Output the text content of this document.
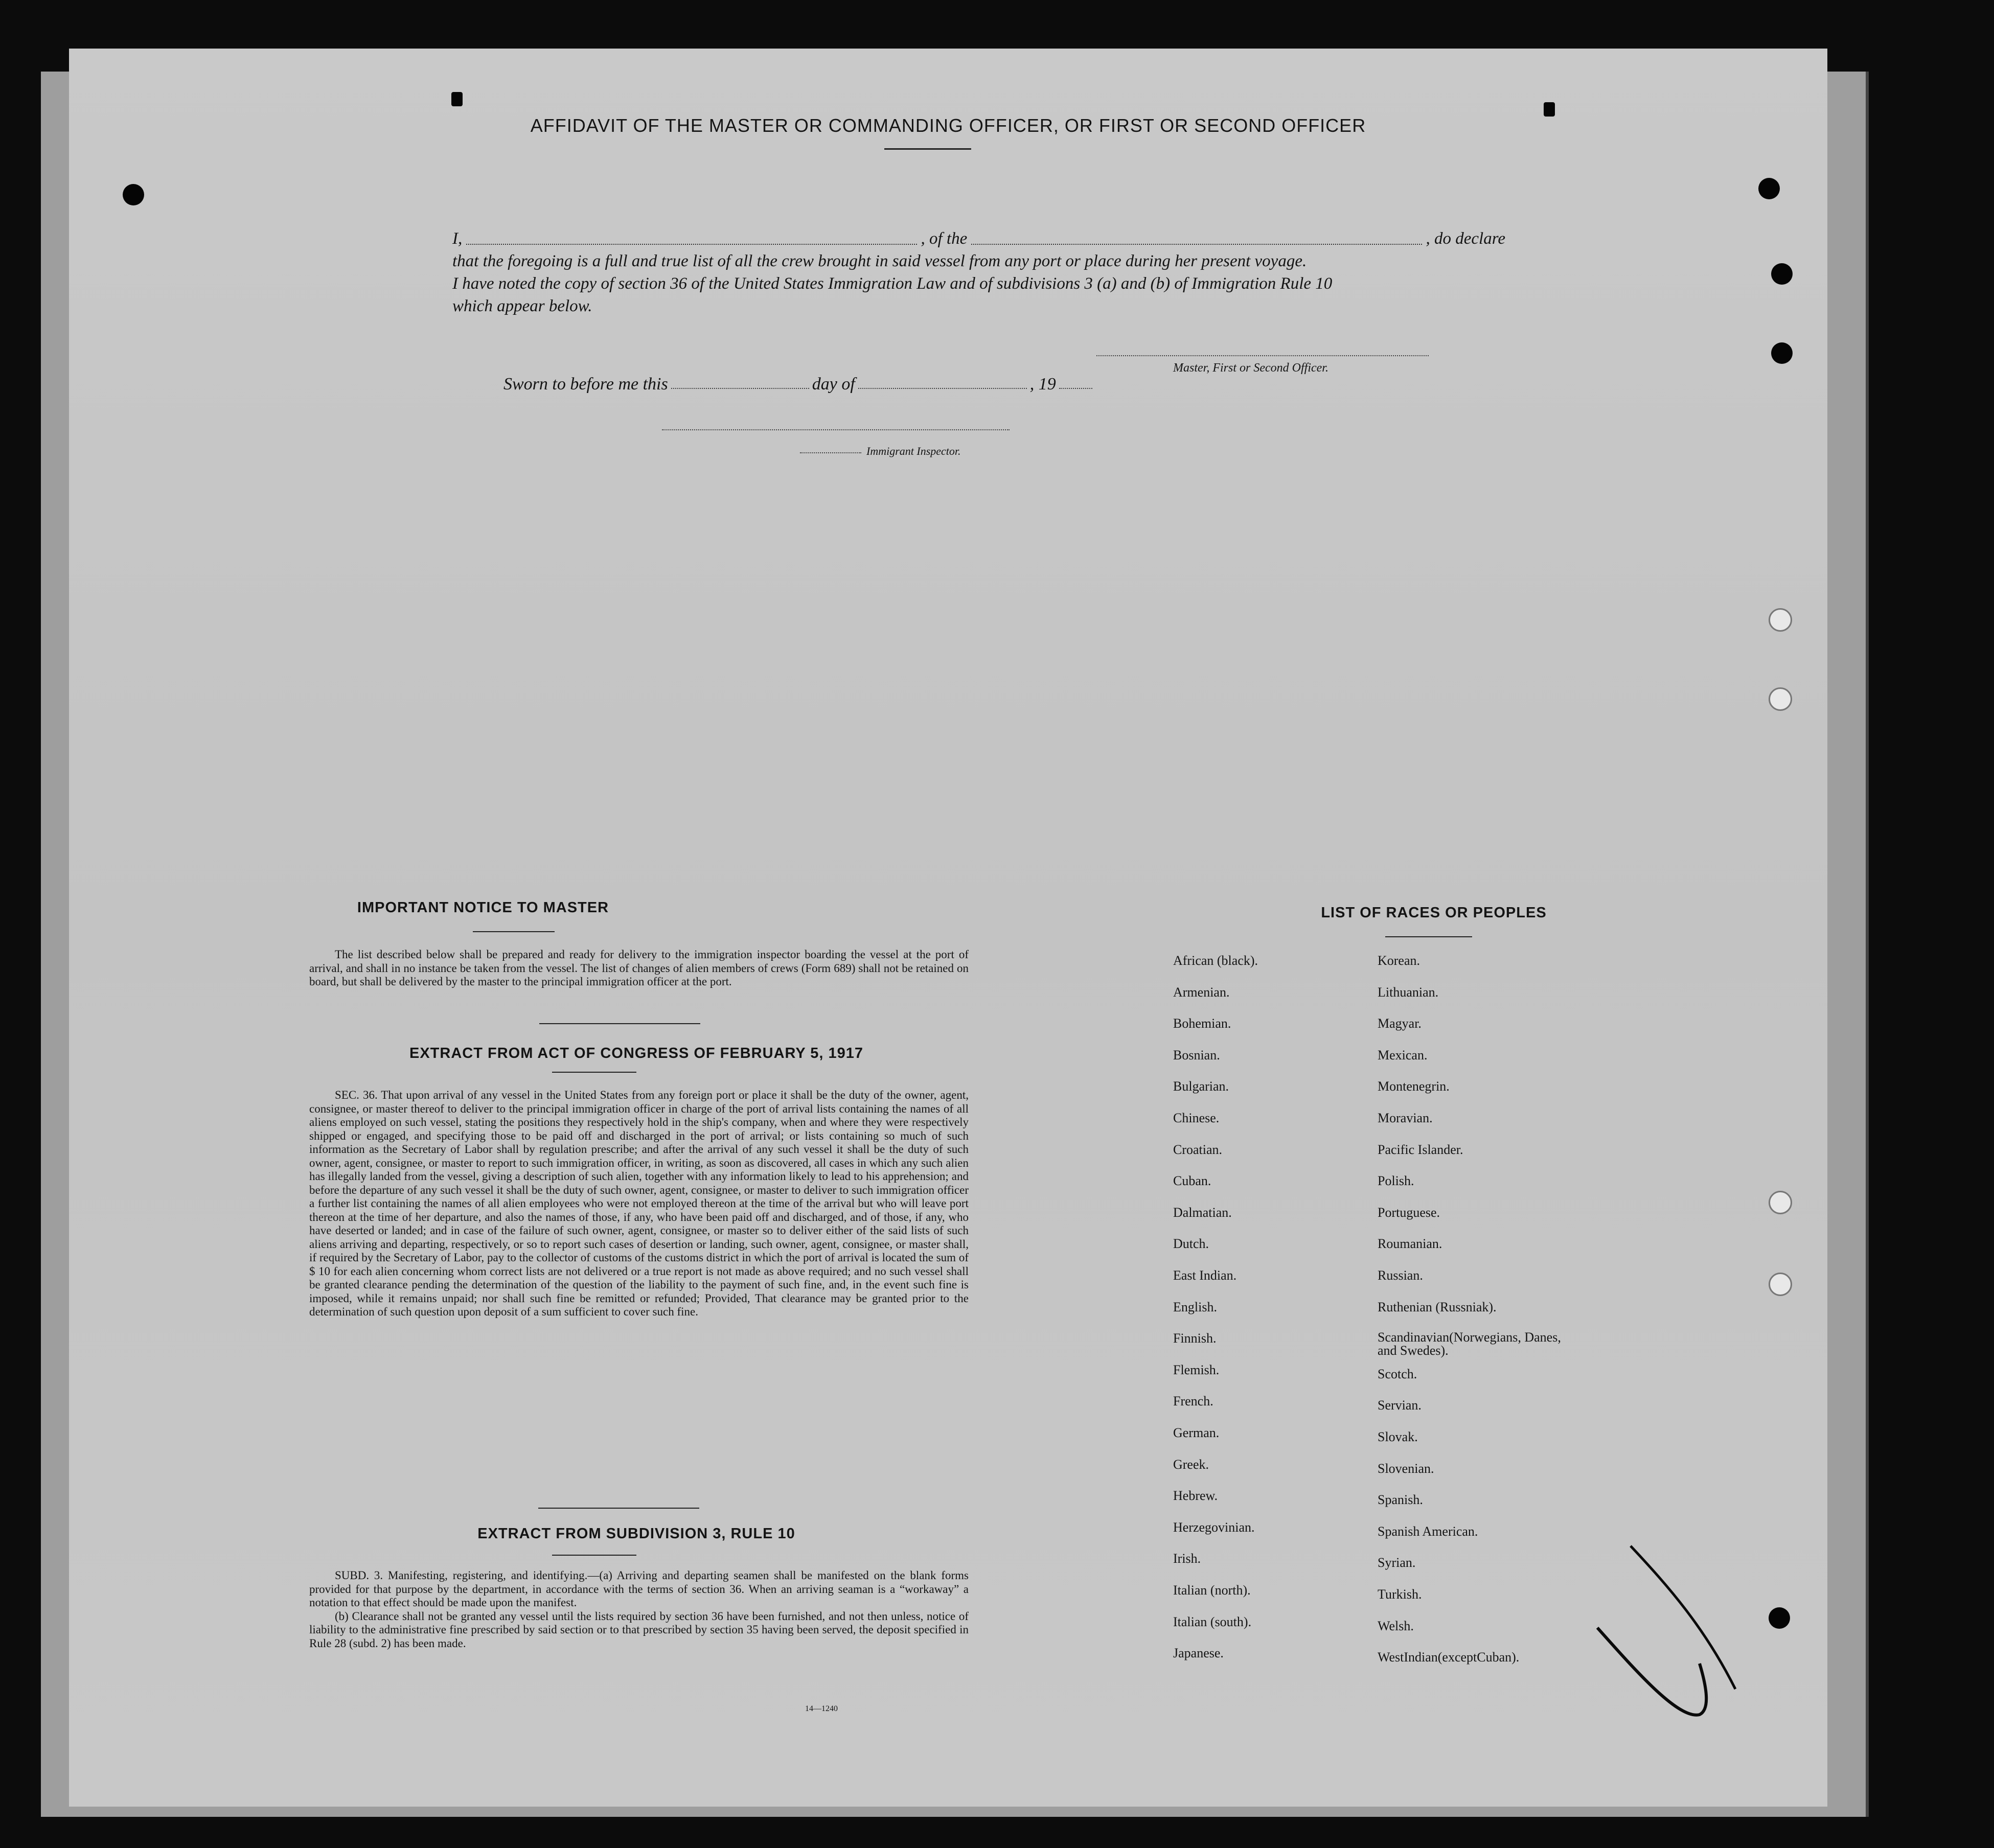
AFFIDAVIT OF THE MASTER OR COMMANDING OFFICER, OR FIRST OR SECOND OFFICER
I,	, of the	, do declare
that the foregoing is a full and true list of all the crew brought in said vessel from any port or place during her present voyage.
I have noted the copy of section 36 of the United States Immigration Law and of subdivisions 3 (a) and (b) of Immigration Rule 10
which appear below.
Master, First or Second Officer.
Sworn to before me this	day of	, 19
Immigrant Inspector.
IMPORTANT NOTICE TO MASTER

The list described below shall be prepared and ready for delivery to the immigration inspector boarding the vessel at the port of arrival, and shall in no instance be taken from the vessel. The list of changes of alien members of crews (Form 689) shall not be retained on board, but shall be delivered by the master to the principal immigration officer at the port.

EXTRACT FROM ACT OF CONGRESS OF FEBRUARY 5, 1917

SEC. 36. That upon arrival of any vessel in the United States from any foreign port or place it shall be the duty of the owner, agent, consignee, or master thereof to deliver to the principal immigration officer in charge of the port of arrival lists containing the names of all aliens employed on such vessel, stating the positions they respectively hold in the ship's company, when and where they were respectively shipped or engaged, and specifying those to be paid off and discharged in the port of arrival; or lists containing so much of such information as the Secretary of Labor shall by regulation prescribe; and after the arrival of any such vessel it shall be the duty of such owner, agent, consignee, or master to report to such immigration officer, in writing, as soon as discovered, all cases in which any such alien has illegally landed from the vessel, giving a description of such alien, together with any information likely to lead to his apprehension; and before the departure of any such vessel it shall be the duty of such owner, agent, consignee, or master to deliver to such immigration officer a further list containing the names of all alien employees who were not employed thereon at the time of the arrival but who will leave port thereon at the time of her departure, and also the names of those, if any, who have been paid off and discharged, and of those, if any, who have deserted or landed; and in case of the failure of such owner, agent, consignee, or master so to deliver either of the said lists of such aliens arriving and departing, respectively, or so to report such cases of desertion or landing, such owner, agent, consignee, or master shall, if required by the Secretary of Labor, pay to the collector of customs of the customs district in which the port of arrival is located the sum of $ 10 for each alien concerning whom correct lists are not delivered or a true report is not made as above required; and no such vessel shall be granted clearance pending the determination of the question of the liability to the payment of such fine, and, in the event such fine is imposed, while it remains unpaid; nor shall such fine be remitted or refunded; Provided, That clearance may be granted prior to the determination of such question upon deposit of a sum sufficient to cover such fine.

EXTRACT FROM SUBDIVISION 3, RULE 10

SUBD. 3. Manifesting, registering, and identifying.—(a) Arriving and departing seamen shall be manifested on the blank forms provided for that purpose by the department, in accordance with the terms of section 36. When an arriving seaman is a “workaway” a notation to that effect should be made upon the manifest.

(b) Clearance shall not be granted any vessel until the lists required by section 36 have been furnished, and not then unless, notice of liability to the administrative fine prescribed by said section or to that prescribed by section 35 having been served, the deposit specified in Rule 28 (subd. 2) has been made.

14—1240
LIST OF RACES OR PEOPLES
African (black).
Armenian.
Bohemian.
Bosnian.
Bulgarian.
Chinese.
Croatian.
Cuban.
Dalmatian.
Dutch.
East Indian.
English.
Finnish.
Flemish.
French.
German.
Greek.
Hebrew.
Herzegovinian.
Irish.
Italian (north).
Italian (south).
Japanese.
Korean.
Lithuanian.
Magyar.
Mexican.
Montenegrin.
Moravian.
Pacific Islander.
Polish.
Portuguese.
Roumanian.
Russian.
Ruthenian (Russniak).
Scandinavian(Norwegians, Danes, and Swedes).
Scotch.
Servian.
Slovak.
Slovenian.
Spanish.
Spanish American.
Syrian.
Turkish.
Welsh.
WestIndian(exceptCuban).
